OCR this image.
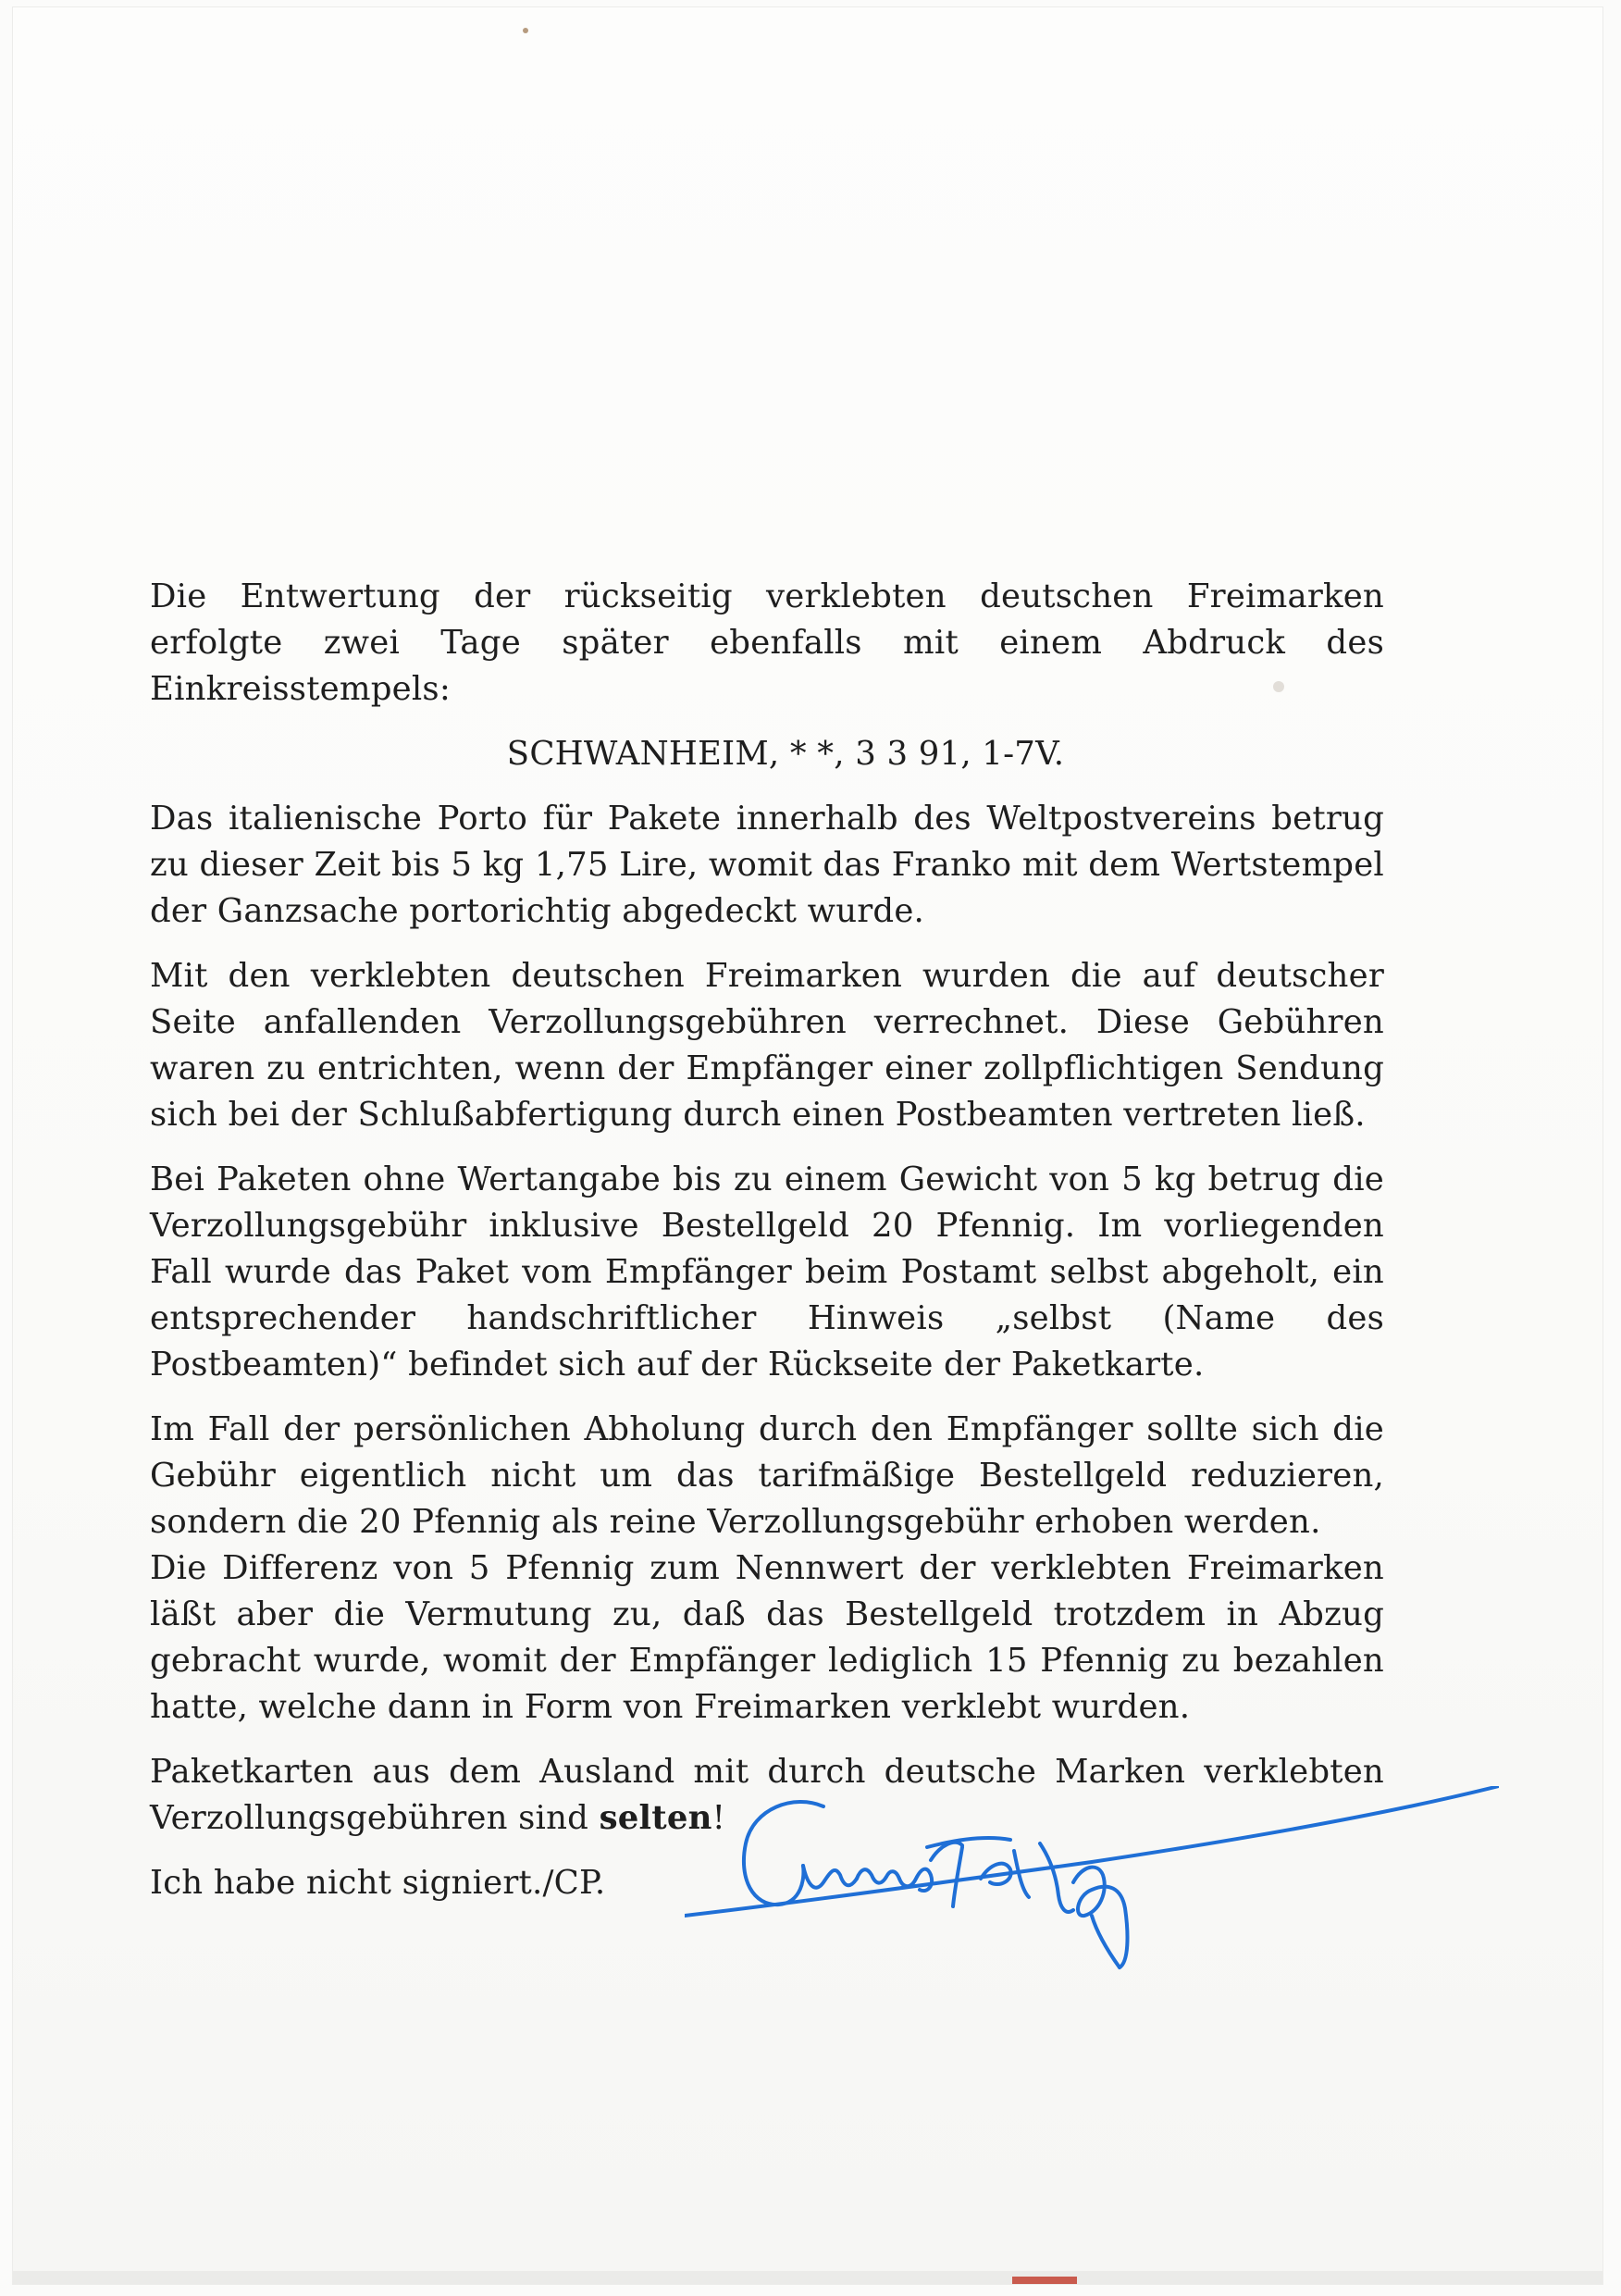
Die Entwertung der rückseitig verklebten deutschen Freimarken erfolgte zwei Tage später ebenfalls mit einem Abdruck des Einkreisstempels:

SCHWANHEIM, * *, 3 3 91, 1-7V.

Das italienische Porto für Pakete innerhalb des Weltpostvereins betrug zu dieser Zeit bis 5 kg 1,75 Lire, womit das Franko mit dem Wertstempel der Ganzsache portorichtig abgedeckt wurde.

Mit den verklebten deutschen Freimarken wurden die auf deutscher Seite anfallenden Verzollungsgebühren verrechnet. Diese Gebühren waren zu entrichten, wenn der Empfänger einer zollpflichtigen Sendung sich bei der Schlußabfertigung durch einen Postbeamten vertreten ließ.

Bei Paketen ohne Wertangabe bis zu einem Gewicht von 5 kg betrug die Verzollungsgebühr inklusive Bestellgeld 20 Pfennig. Im vorliegenden Fall wurde das Paket vom Empfänger beim Postamt selbst abgeholt, ein entsprechender handschriftlicher Hinweis „selbst (Name des Postbeamten)“ befindet sich auf der Rückseite der Paketkarte.

Im Fall der persönlichen Abholung durch den Empfänger sollte sich die Gebühr eigentlich nicht um das tarifmäßige Bestellgeld reduzieren, sondern die 20 Pfennig als reine Verzollungsgebühr erhoben werden.

Die Differenz von 5 Pfennig zum Nennwert der verklebten Freimarken läßt aber die Vermutung zu, daß das Bestellgeld trotzdem in Abzug gebracht wurde, womit der Empfänger lediglich 15 Pfennig zu bezahlen hatte, welche dann in Form von Freimarken verklebt wurden.

Paketkarten aus dem Ausland mit durch deutsche Marken verklebten Verzollungsgebühren sind selten!

Ich habe nicht signiert./CP.
